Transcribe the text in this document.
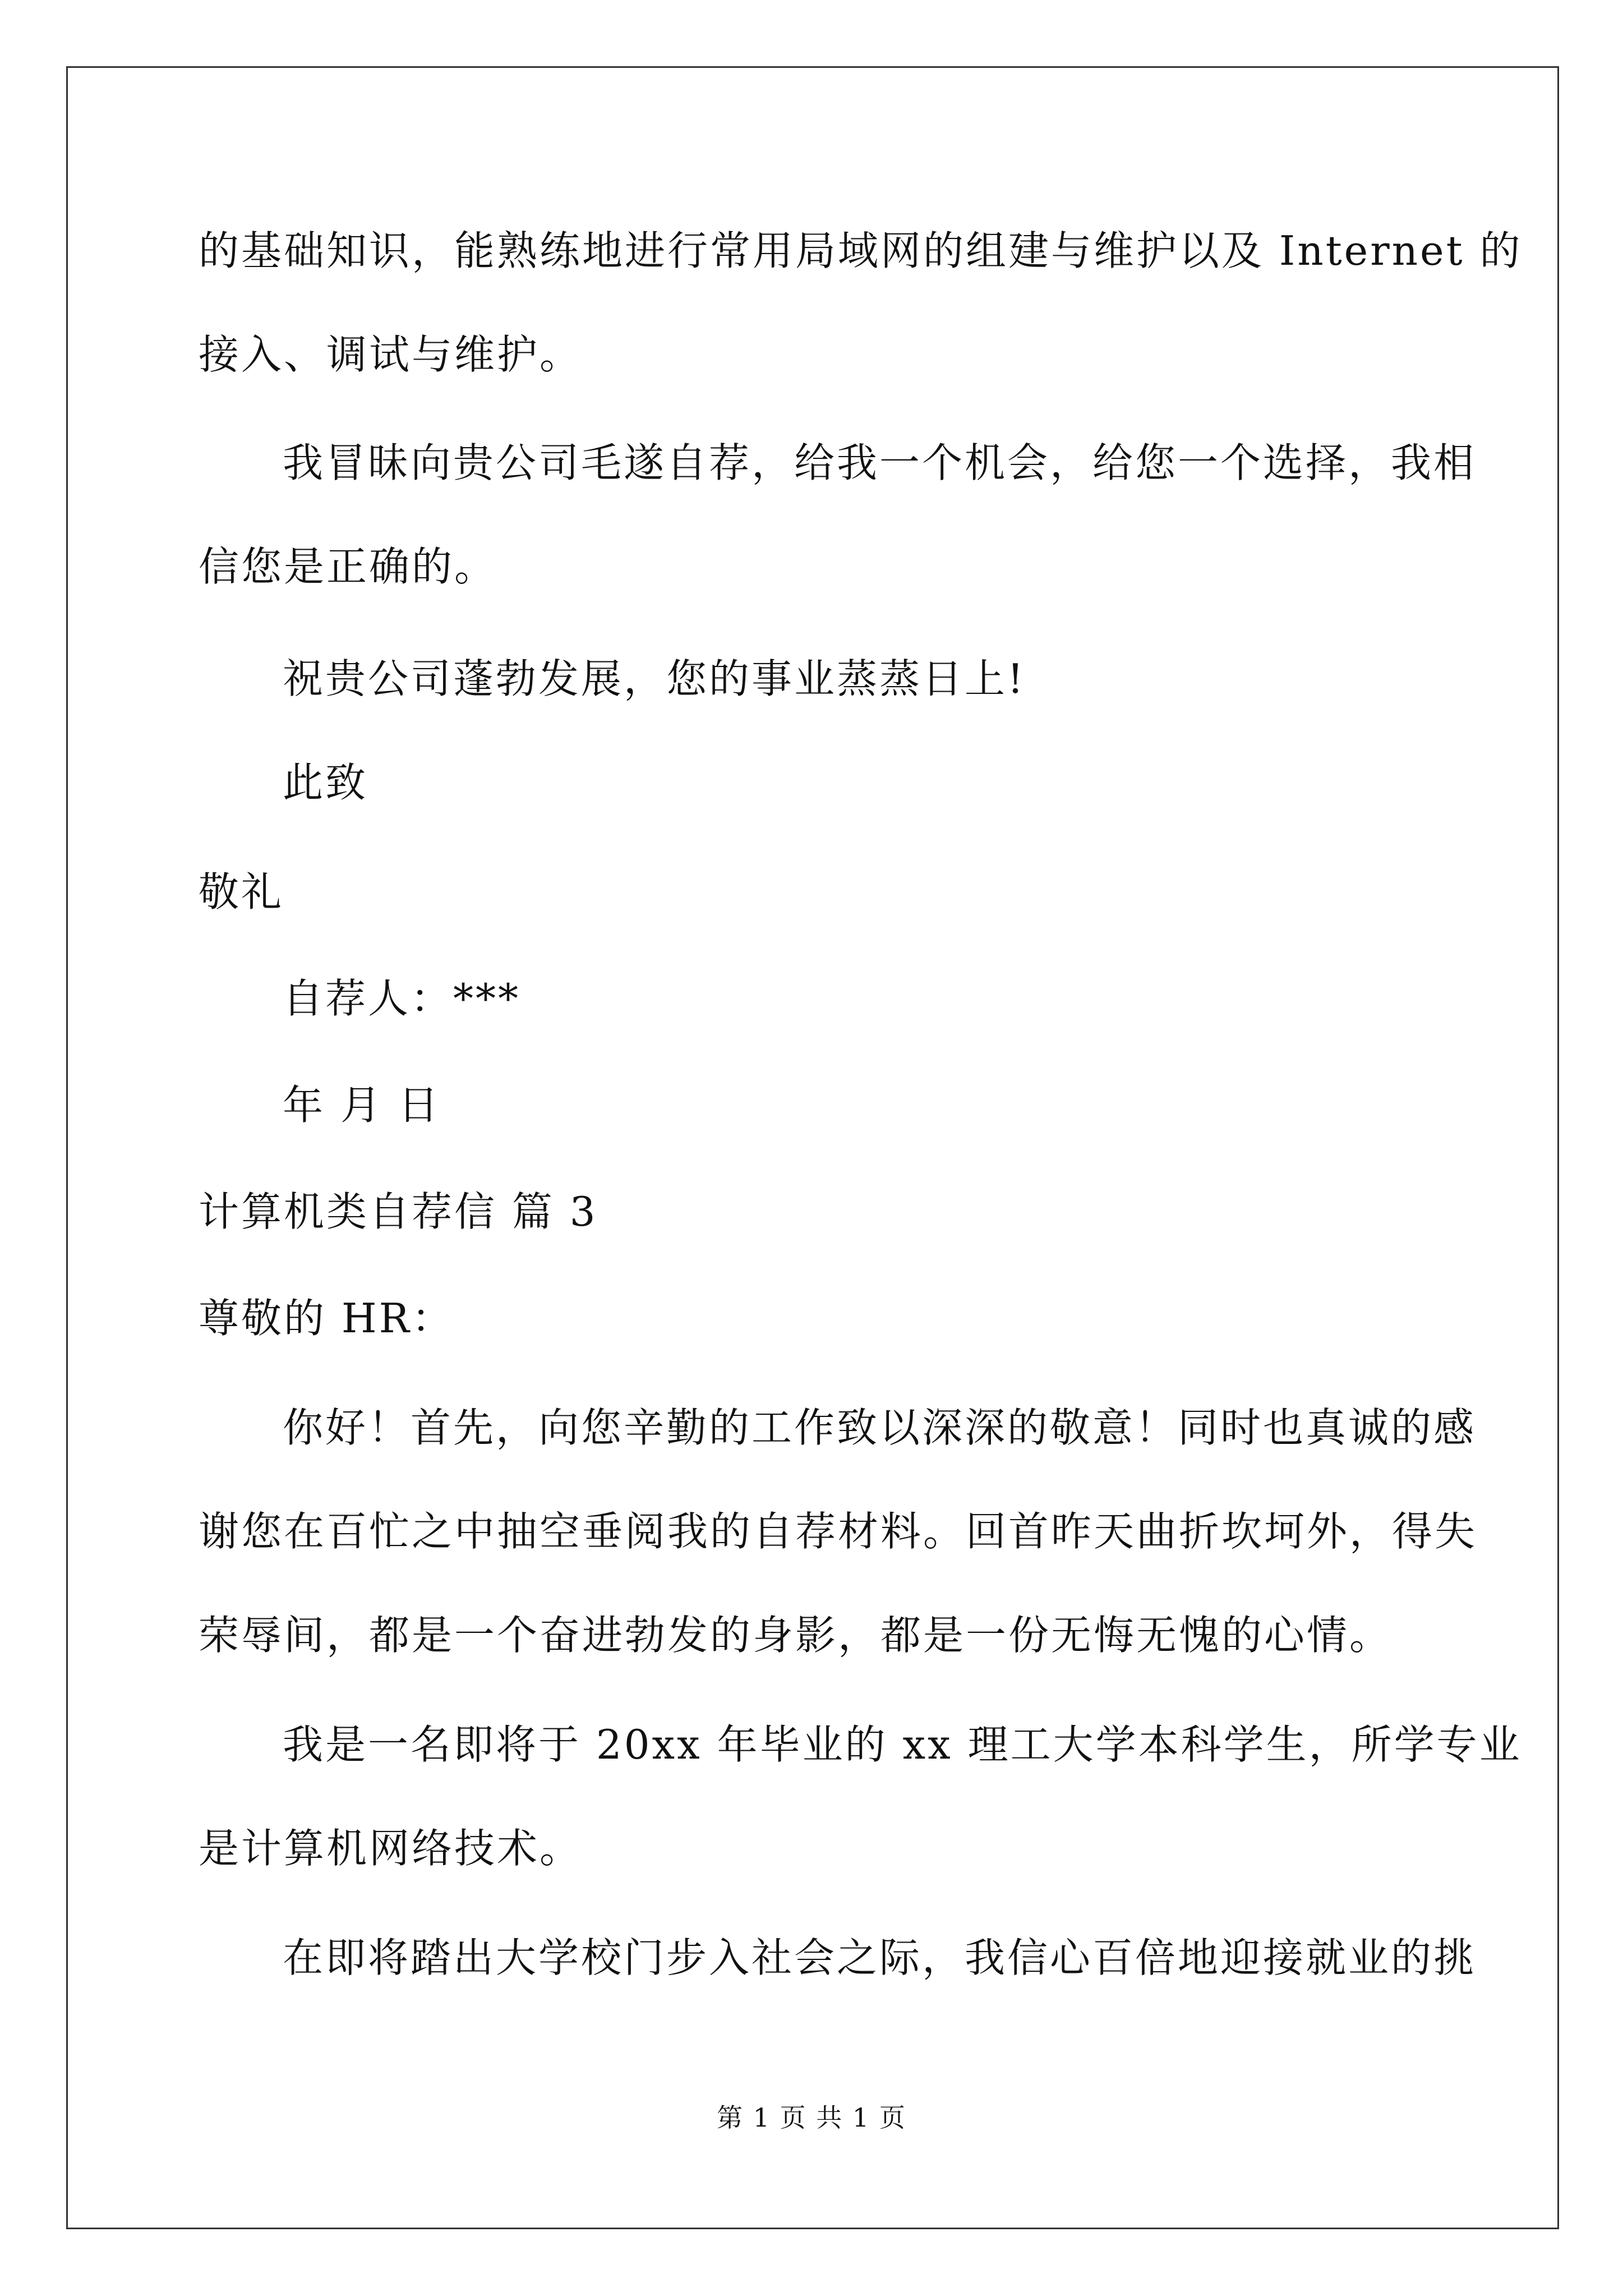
的基础知识，能熟练地进行常用局域网的组建与维护以及 Internet 的
接入、调试与维护。
我冒昧向贵公司毛遂自荐，给我一个机会，给您一个选择，我相
信您是正确的。
祝贵公司蓬勃发展，您的事业蒸蒸日上!
此致
敬礼
自荐人：***
年 月 日
计算机类自荐信 篇 3
尊敬的 HR：
你好！首先，向您辛勤的工作致以深深的敬意！同时也真诚的感
谢您在百忙之中抽空垂阅我的自荐材料。回首昨天曲折坎坷外，得失
荣辱间，都是一个奋进勃发的身影，都是一份无悔无愧的心情。
我是一名即将于 20xx 年毕业的 xx 理工大学本科学生，所学专业
是计算机网络技术。
在即将踏出大学校门步入社会之际，我信心百倍地迎接就业的挑
第 1 页 共 1 页
